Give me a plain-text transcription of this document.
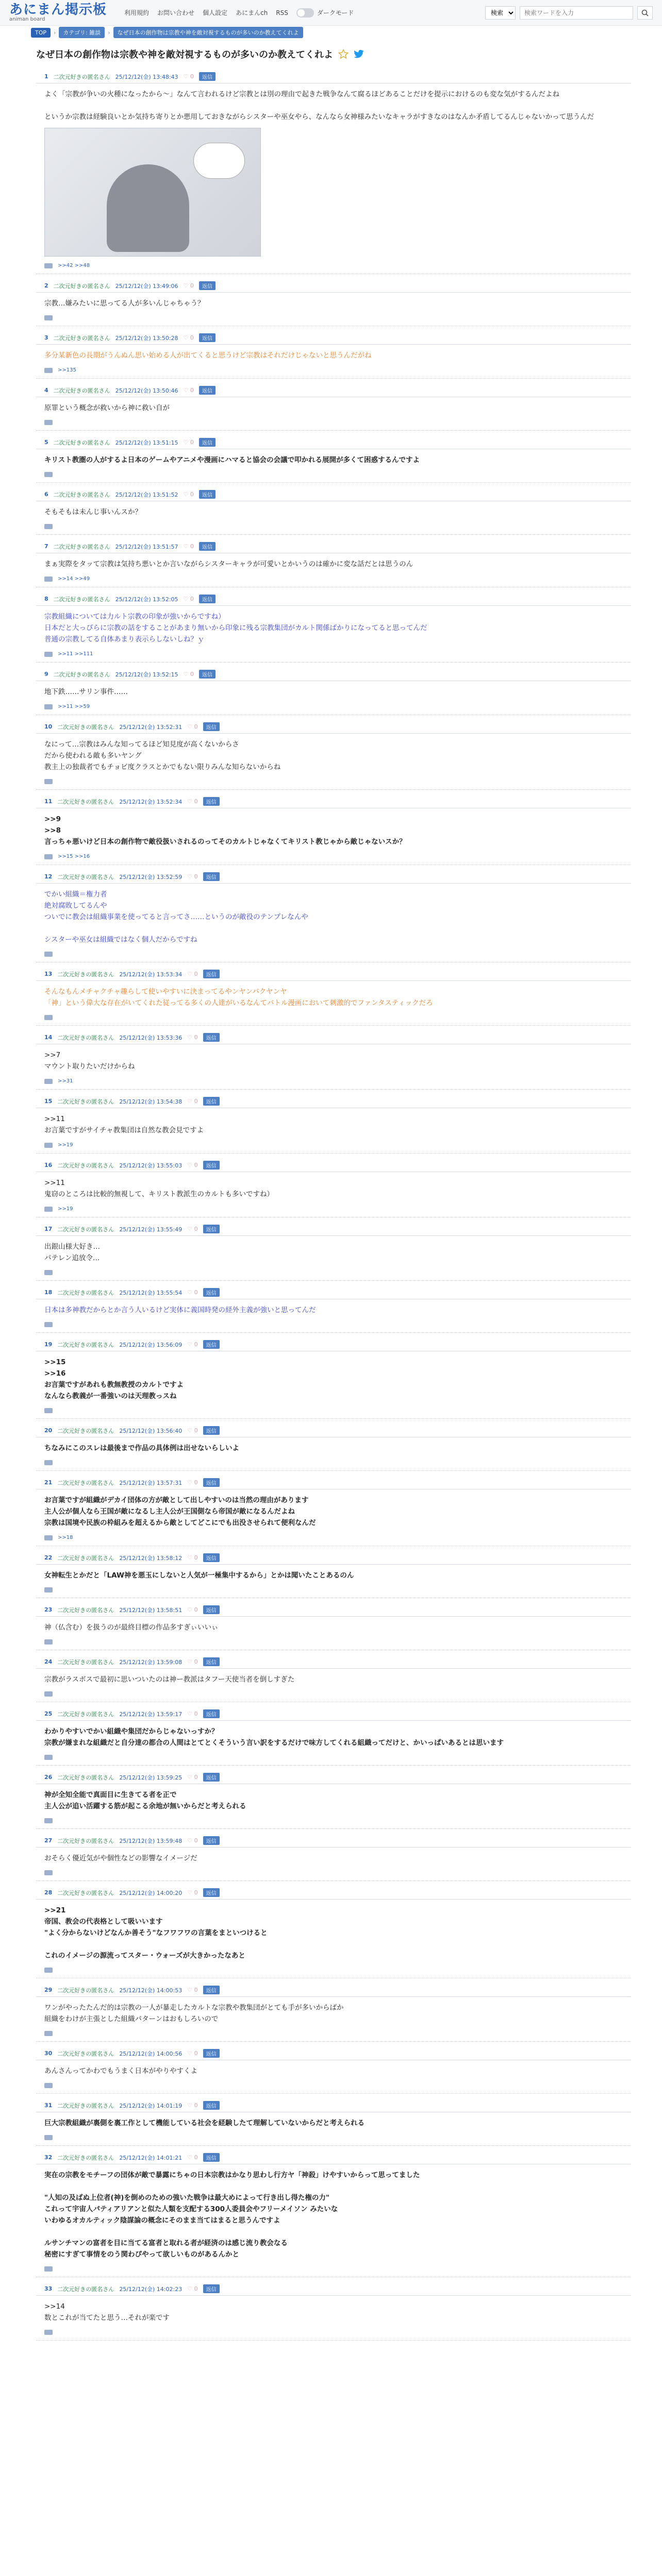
あにまん掲示板
animan board
利用規約 お問い合わせ 個人設定 あにまんch RSS	ダークモード
検索
検索ワードを入力
TOP	›	カテゴリ: 雑談	›	なぜ日本の創作物は宗教や神を敵対視するものが多いのか教えてくれよ
なぜ日本の創作物は宗教や神を敵対視するものが多いのか教えてくれよ
1 二次元好きの匿名さん 25/12/12(金) 13:48:43 ♡ 0	返信
よく「宗教が争いの火種になったから～」なんて言われるけど宗教とは別の理由で起きた戦争なんて腐るほどあることだけを提示におけるのも変な気がするんだよね

というか宗教は経験良いとか気持ち寄りとか悪用しておきながらシスターや巫女やら、なんなら女神様みたいなキャラがすきなのはなんか矛盾してるんじゃないかって思うんだ
>>42 >>48
2 二次元好きの匿名さん 25/12/12(金) 13:49:06 ♡ 0	返信
宗教…嫌みたいに思ってる人が多いんじゃちゃう？
3 二次元好きの匿名さん 25/12/12(金) 13:50:28 ♡ 0	返信
多分某新色の長期がうんぬん思い始める人が出てくると思うけど宗教はそれだけじゃないと思うんだがね
>>135
4 二次元好きの匿名さん 25/12/12(金) 13:50:46 ♡ 0	返信
原罪という概念が救いから神に救い自が
5 二次元好きの匿名さん 25/12/12(金) 13:51:15 ♡ 0	返信
キリスト教圏の人がするよ日本のゲームやアニメや漫画にハマると協会の会議で叩かれる展開が多くて困惑するんですよ
6 二次元好きの匿名さん 25/12/12(金) 13:51:52 ♡ 0	返信
そもそもは未んじ事いんスか？
7 二次元好きの匿名さん 25/12/12(金) 13:51:57 ♡ 0	返信
まぁ実際をタッて宗教は気持ち悪いとか言いながらシスターキャラが可愛いとかいうのは確かに変な話だとは思うのん
>>14 >>49
8 二次元好きの匿名さん 25/12/12(金) 13:52:05 ♡ 0	返信
宗教組織については力ルト宗教の印象が強いからですね）
日本だと大っぴらに宗教の話をすることがあまり無いから印象に残る宗教集団がカルト関係ばかりになってると思ってんだ
普通の宗教してる自体あまり表示らしないしね？ｙ
>>11 >>111
9 二次元好きの匿名さん 25/12/12(金) 13:52:15 ♡ 0	返信
地下鉄……サリン事件……
>>11 >>59
10 二次元好きの匿名さん 25/12/12(金) 13:52:31 ♡ 0	返信
なにって…宗教はみんな知ってるほど知見度が高くないからさ
だから使われる敵も多いヤング
教主上の独裁者でもチョビ度クラスとかでもない限りみんな知らないからね
11 二次元好きの匿名さん 25/12/12(金) 13:52:34 ♡ 0	返信
>>9
>>8
言っちゃ悪いけど日本の創作物で敵役扱いされるのってそのカルトじゃなくてキリスト教じゃから敵じゃないスか？
>>15 >>16
12 二次元好きの匿名さん 25/12/12(金) 13:52:59 ♡ 0	返信
でかい組織＝権力者
絶対腐敗してるんや
ついでに教会は組織事業を使ってると言ってさ……というのが敵役のテンプレなんや

シスターや巫女は組織ではなく個人だからですね
13 二次元好きの匿名さん 25/12/12(金) 13:53:34 ♡ 0	返信
そんなもんメチャクチャ趣らして使いやすいに決まってるやンヤンバクヤンヤ
「神」という偉大な存在がいてくれた従ってる多くの人達がいるなんてバトル漫画において刺激的でファンタスティックだろ
14 二次元好きの匿名さん 25/12/12(金) 13:53:36 ♡ 0	返信
>>7
マウント取りたいだけからね
>>31
15 二次元好きの匿名さん 25/12/12(金) 13:54:38 ♡ 0	返信
>>11
お言葉ですがサイチャ教集団は自然な教会見ですよ
>>19
16 二次元好きの匿名さん 25/12/12(金) 13:55:03 ♡ 0	返信
>>11
鬼窃のところは比較的無視して、キリスト教派生のカルトも多いですね）
>>19
17 二次元好きの匿名さん 25/12/12(金) 13:55:49 ♡ 0	返信
出銀山様大好き…
パテレン追放令…
18 二次元好きの匿名さん 25/12/12(金) 13:55:54 ♡ 0	返信
日本は多神教だからとか言う人いるけど実体に義国時発の経外主義が強いと思ってんだ
19 二次元好きの匿名さん 25/12/12(金) 13:56:09 ♡ 0	返信
>>15
>>16
お言葉ですがあれも教無教授のカルトですよ
なんなら教義が一番強いのは天理教っスね
20 二次元好きの匿名さん 25/12/12(金) 13:56:40 ♡ 0	返信
ちなみにこのスレは最後まで作品の具体例は出せないらしいよ
21 二次元好きの匿名さん 25/12/12(金) 13:57:31 ♡ 0	返信
お言葉ですが組織がデカイ団体の方が敵として出しやすいのは当然の理由があります
主人公が個人なら王国が敵になるし主人公が王国側なら帝国が敵になるんだよね
宗教は国境や民族の枠組みを超えるから敵としてどこにでも出没させられて便利なんだ
>>18
22 二次元好きの匿名さん 25/12/12(金) 13:58:12 ♡ 0	返信
女神転生とかだと「LAW神を悪玉にしないと人気が一極集中するから」とかは聞いたことあるのん
23 二次元好きの匿名さん 25/12/12(金) 13:58:51 ♡ 0	返信
神（仏含む）を扱うのが最終目標の作品多すぎぃいいぃ
24 二次元好きの匿名さん 25/12/12(金) 13:59:08 ♡ 0	返信
宗教がラスボスで最初に思いついたのは神ー教派はタフー天使当者を倒しすぎた
25 二次元好きの匿名さん 25/12/12(金) 13:59:17 ♡ 0	返信
わかりやすいでかい組織や集団だからじゃないっすか？
宗教が嫌まれな組織だと自分達の都合の人間はとてとくそういう言い訳をするだけで味方してくれる組織ってだけと、かいっぱいあるとは思います
26 二次元好きの匿名さん 25/12/12(金) 13:59:25 ♡ 0	返信
神が全知全能で真面目に生きてる者を正で
主人公が追い活躍する筋が起こる余地が無いからだと考えられる
27 二次元好きの匿名さん 25/12/12(金) 13:59:48 ♡ 0	返信
おそらく優近気がや個性などの影響なイメージだ
28 二次元好きの匿名さん 25/12/12(金) 14:00:20 ♡ 0	返信
>>21
帝国、教会の代表格として吸いいます
"よく分からないけどなんか善そう"なフワフワの言葉をまといつけると

これのイメージの源流ってスター・ウォーズが大きかったなあと
29 二次元好きの匿名さん 25/12/12(金) 14:00:53 ♡ 0	返信
ワンがやったたんだ的は宗教の一人が暴走したカルトな宗教や教集団がとても手が多いからばか
組織をわけが主張とした組織パターンはおもしろいので
30 二次元好きの匿名さん 25/12/12(金) 14:00:56 ♡ 0	返信
あんさんってかわでもうまく日本がやりやすくよ
31 二次元好きの匿名さん 25/12/12(金) 14:01:19 ♡ 0	返信
巨大宗教組織が裏側を裏工作として機能している社会を経験したて理解していないからだと考えられる
32 二次元好きの匿名さん 25/12/12(金) 14:01:21 ♡ 0	返信
実在の宗教をモチーフの団体が敵で暴露にちゃの日本宗教はかなり思わし行方ヤ「神殺」けやすいからって思ってました

"人知の及ばぬ上位者(神)を倒めのための強いた戦争は最大めによって行き出し得た権の力"
これって宇宙人パティアリアンと似た人類を支配する300人委員会やフリーメイソン みたいな
いわゆるオカルティック陰謀論の概念にそのまま当てはまると思うんですよ

ルサンチマンの富者を目に当てる富者と取れる者が経済のは感じ流り教会なる
秘密にすぎて事情をのう関わぴやって欲しいものがあるんかと
33 二次元好きの匿名さん 25/12/12(金) 14:02:23 ♡ 0	返信
>>14
数とこれが当てたと思う…それが楽です
